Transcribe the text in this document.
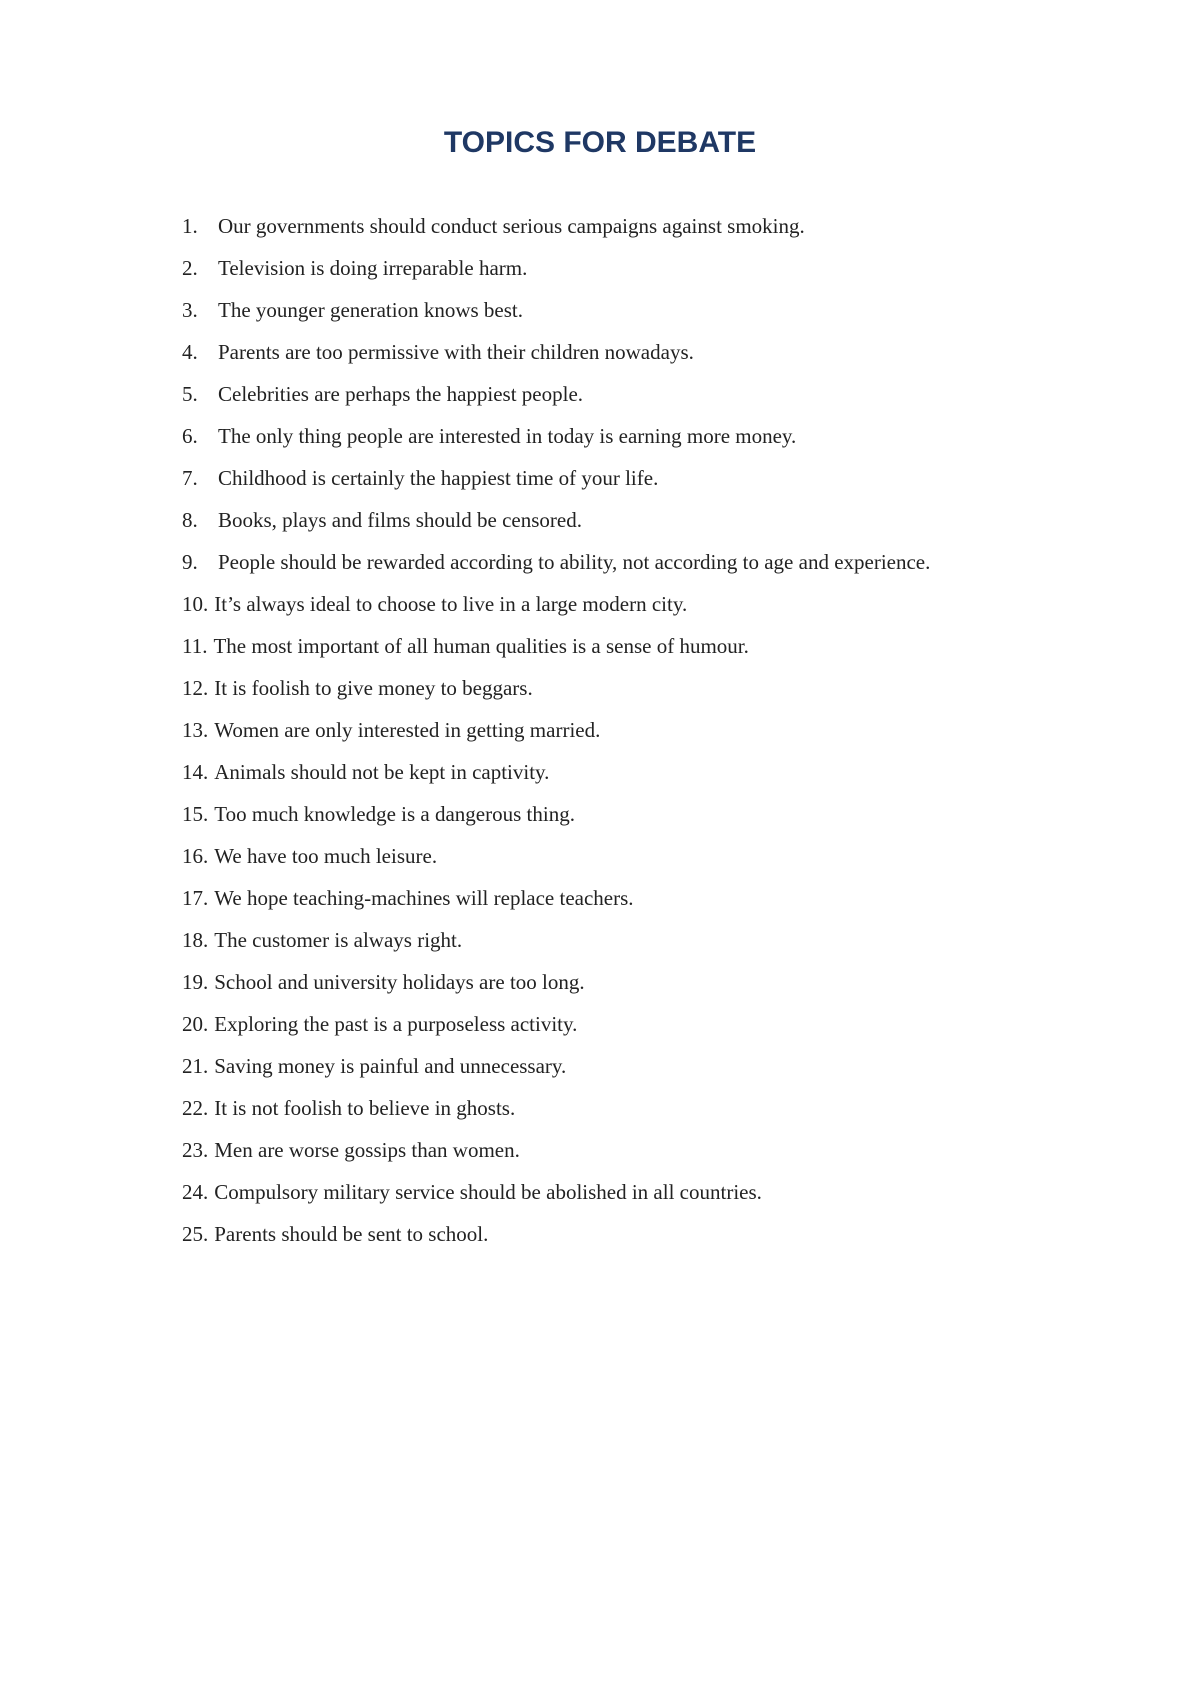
TOPICS FOR DEBATE
1. Our governments should conduct serious campaigns against smoking.
2. Television is doing irreparable harm.
3. The younger generation knows best.
4. Parents are too permissive with their children nowadays.
5. Celebrities are perhaps the happiest people.
6. The only thing people are interested in today is earning more money.
7. Childhood is certainly the happiest time of your life.
8. Books, plays and films should be censored.
9. People should be rewarded according to ability, not according to age and experience.
10. It’s always ideal to choose to live in a large modern city.
11. The most important of all human qualities is a sense of humour.
12. It is foolish to give money to beggars.
13. Women are only interested in getting married.
14. Animals should not be kept in captivity.
15. Too much knowledge is a dangerous thing.
16. We have too much leisure.
17. We hope teaching-machines will replace teachers.
18. The customer is always right.
19. School and university holidays are too long.
20. Exploring the past is a purposeless activity.
21. Saving money is painful and unnecessary.
22. It is not foolish to believe in ghosts.
23. Men are worse gossips than women.
24. Compulsory military service should be abolished in all countries.
25. Parents should be sent to school.
